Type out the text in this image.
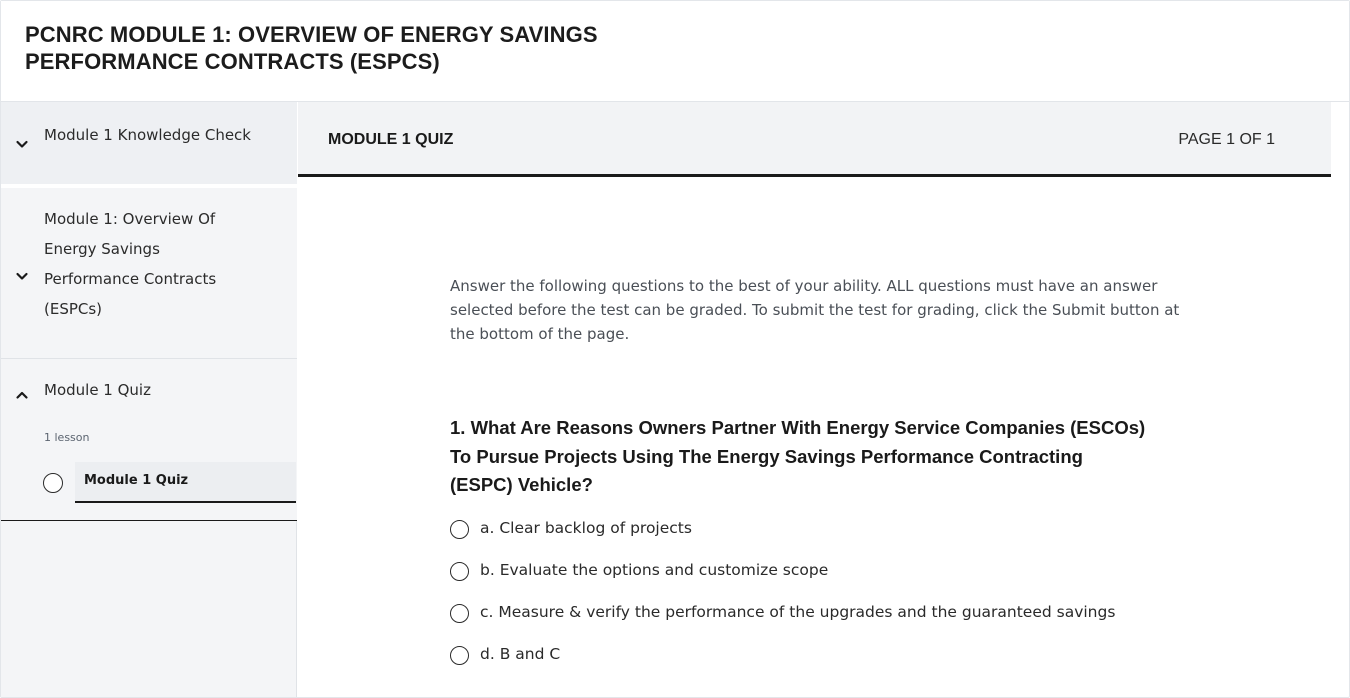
PCNRC MODULE 1: OVERVIEW OF ENERGY SAVINGS PERFORMANCE CONTRACTS (ESPCS)
Module 1 Knowledge Check
Module 1: Overview Of Energy Savings Performance Contracts (ESPCs)
Module 1 Quiz
1 lesson
Module 1 Quiz
MODULE 1 QUIZ	PAGE 1 OF 1

Answer the following questions to the best of your ability. ALL questions must have an answer selected before the test can be graded. To submit the test for grading, click the Submit button at the bottom of the page.

1. What Are Reasons Owners Partner With Energy Service Companies (ESCOs) To Pursue Projects Using The Energy Savings Performance Contracting (ESPC) Vehicle?
a. Clear backlog of projects
b. Evaluate the options and customize scope
c. Measure & verify the performance of the upgrades and the guaranteed savings
d. B and C
